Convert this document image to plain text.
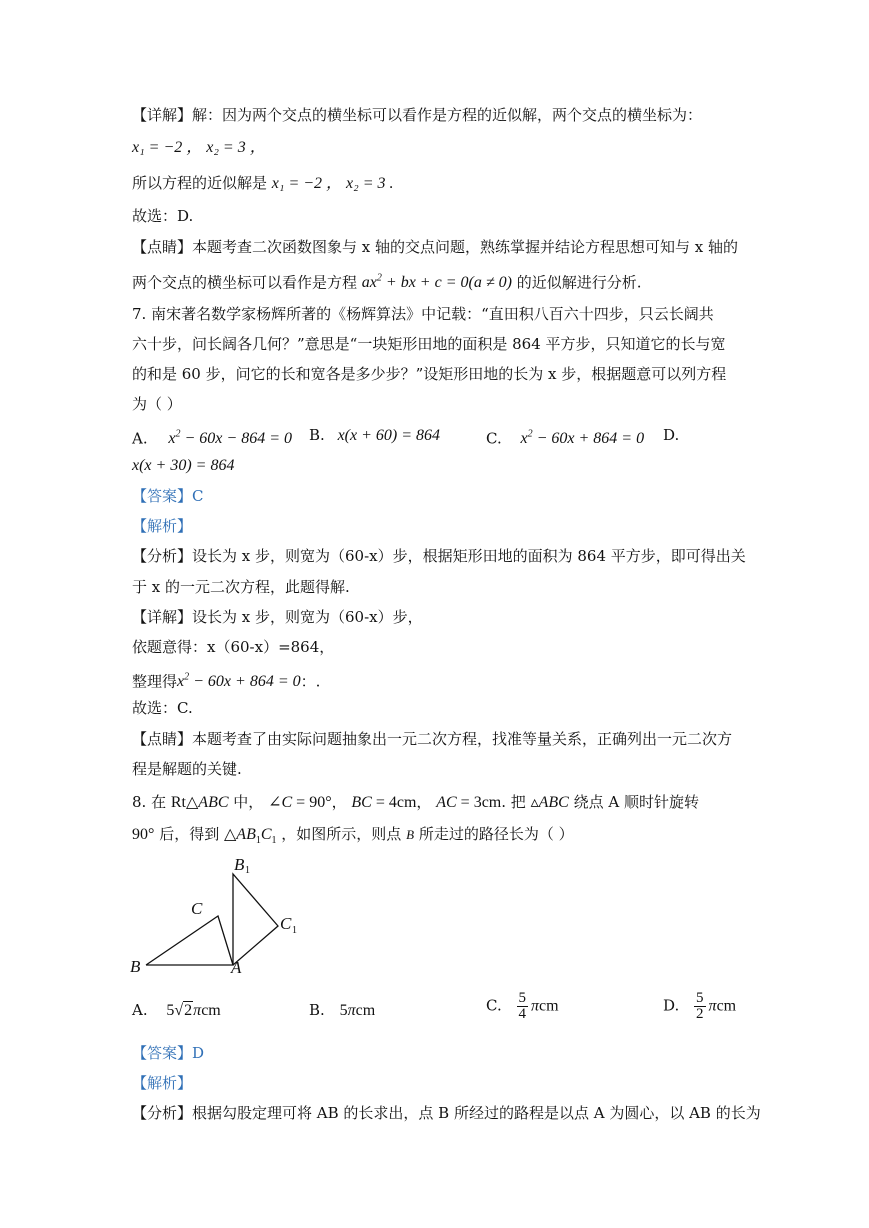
【详解】解：因为两个交点的横坐标可以看作是方程的近似解，两个交点的横坐标为：
x₁ = −2 ， x₂ = 3 ，
所以方程的近似解是 x₁ = −2 ， x₂ = 3 .
故选：D.
【点睛】本题考查二次函数图象与 x 轴的交点问题，熟练掌握并结论方程思想可知与 x 轴的
两个交点的横坐标可以看作是方程 $ax^2$ + bx + c = 0(a ≠ 0) 的近似解进行分析.
7. 南宋著名数学家杨辉所著的《杨辉算法》中记载：“直田积八百六十四步，只云长阔共
六十步，问长阔各几何？”意思是“一块矩形田地的面积是 864 平方步，只知道它的长与宽
的和是 60 步，问它的长和宽各是多少步？”设矩形田地的长为 x 步，根据题意可以列方程
为（ ）
A. $x^2 - 60x - 864 = 0$ B. x(x + 60) = 864	C. $x^2 - 60x + 864 = 0$ D.
x(x + 30) = 864
【答案】C
【解析】
【分析】设长为 x 步，则宽为（60-x）步，根据矩形田地的面积为 864 平方步，即可得出关
于 x 的一元二次方程，此题得解.
【详解】设长为 x 步，则宽为（60-x）步，
依题意得：x（60-x）=864，
整理得$x^2 - 60x + 864 = 0$：.
故选：C.
【点睛】本题考查了由实际问题抽象出一元二次方程，找准等量关系，正确列出一元二次方
程是解题的关键.
8. 在 Rt△ABC 中， ∠C = 90°， BC = 4cm， AC = 3cm. 把 ▵ABC 绕点 A 顺时针旋转
90° 后，得到 $\triangle AB_1C_1$ ，如图所示，则点 B 所走过的路径长为（ ）
B	A
C
B 1
C 1
A. 5√2πcm	B. 5πcm	C. $\frac{5}{4}$ πcm	D. $\frac{5}{2}$ πcm
【答案】D
【解析】
【分析】根据勾股定理可将 AB 的长求出，点 B 所经过的路程是以点 A 为圆心，以 AB 的长为
